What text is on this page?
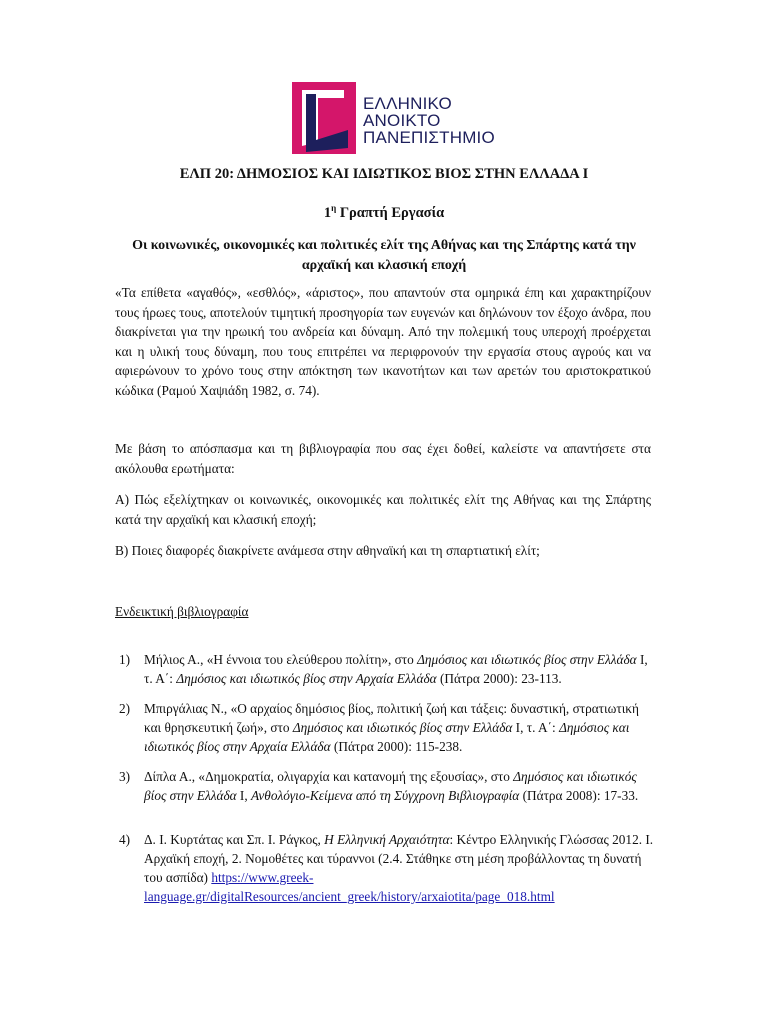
ΕΛΛΗΝΙΚΟ
ΑΝΟΙΚΤΟ
ΠΑΝΕΠΙΣΤΗΜΙΟ
ΕΛΠ 20: ΔΗΜΟΣΙΟΣ ΚΑΙ ΙΔΙΩΤΙΚΟΣ ΒΙΟΣ ΣΤΗΝ ΕΛΛΑΔΑ Ι
$1^\eta$ Γραπτή Εργασία
Οι κοινωνικές, οικονομικές και πολιτικές ελίτ της Αθήνας και της Σπάρτης κατά την
αρχαϊκή και κλασική εποχή
«Τα επίθετα «αγαθός», «εσθλός», «άριστος», που απαντούν στα ομηρικά έπη και χαρακτηρίζουν τους ήρωες τους, αποτελούν τιμητική προσηγορία των ευγενών και δηλώνουν τον έξοχο άνδρα, που διακρίνεται για την ηρωική του ανδρεία και δύναμη. Από την πολεμική τους υπεροχή προέρχεται και η υλική τους δύναμη, που τους επιτρέπει να περιφρονούν την εργασία στους αγρούς και να αφιερώνουν το χρόνο τους στην απόκτηση των ικανοτήτων και των αρετών του αριστοκρατικού κώδικα (Ραμού Χαψιάδη 1982, σ. 74).
Με βάση το απόσπασμα και τη βιβλιογραφία που σας έχει δοθεί, καλείστε να απαντήσετε στα ακόλουθα ερωτήματα:
Α) Πώς εξελίχτηκαν οι κοινωνικές, οικονομικές και πολιτικές ελίτ της Αθήνας και της Σπάρτης κατά την αρχαϊκή και κλασική εποχή;
Β) Ποιες διαφορές διακρίνετε ανάμεσα στην αθηναϊκή και τη σπαρτιατική ελίτ;
Ενδεικτική βιβλιογραφία
1) Μήλιος Α., «Η έννοια του ελεύθερου πολίτη», στο Δημόσιος και ιδιωτικός βίος στην Ελλάδα Ι, τ. Α΄: Δημόσιος και ιδιωτικός βίος στην Αρχαία Ελλάδα (Πάτρα 2000): 23-113.
2) Μπιργάλιας Ν., «Ο αρχαίος δημόσιος βίος, πολιτική ζωή και τάξεις: δυναστική, στρατιωτική και θρησκευτική ζωή», στο Δημόσιος και ιδιωτικός βίος στην Ελλάδα Ι, τ. Α΄: Δημόσιος και ιδιωτικός βίος στην Αρχαία Ελλάδα (Πάτρα 2000): 115-238.
3) Δίπλα Α., «Δημοκρατία, ολιγαρχία και κατανομή της εξουσίας», στο Δημόσιος και ιδιωτικός βίος στην Ελλάδα Ι, Ανθολόγιο-Κείμενα από τη Σύγχρονη Βιβλιογραφία (Πάτρα 2008): 17-33.
4) Δ. Ι. Κυρτάτας και Σπ. Ι. Ράγκος, Η Ελληνική Αρχαιότητα: Κέντρο Ελληνικής Γλώσσας 2012. Ι. Αρχαϊκή εποχή, 2. Νομοθέτες και τύραννοι (2.4. Στάθηκε στη μέση προβάλλοντας τη δυνατή του ασπίδα) https://www.greek-language.gr/digitalResources/ancient_greek/history/arxaiotita/page_018.html
